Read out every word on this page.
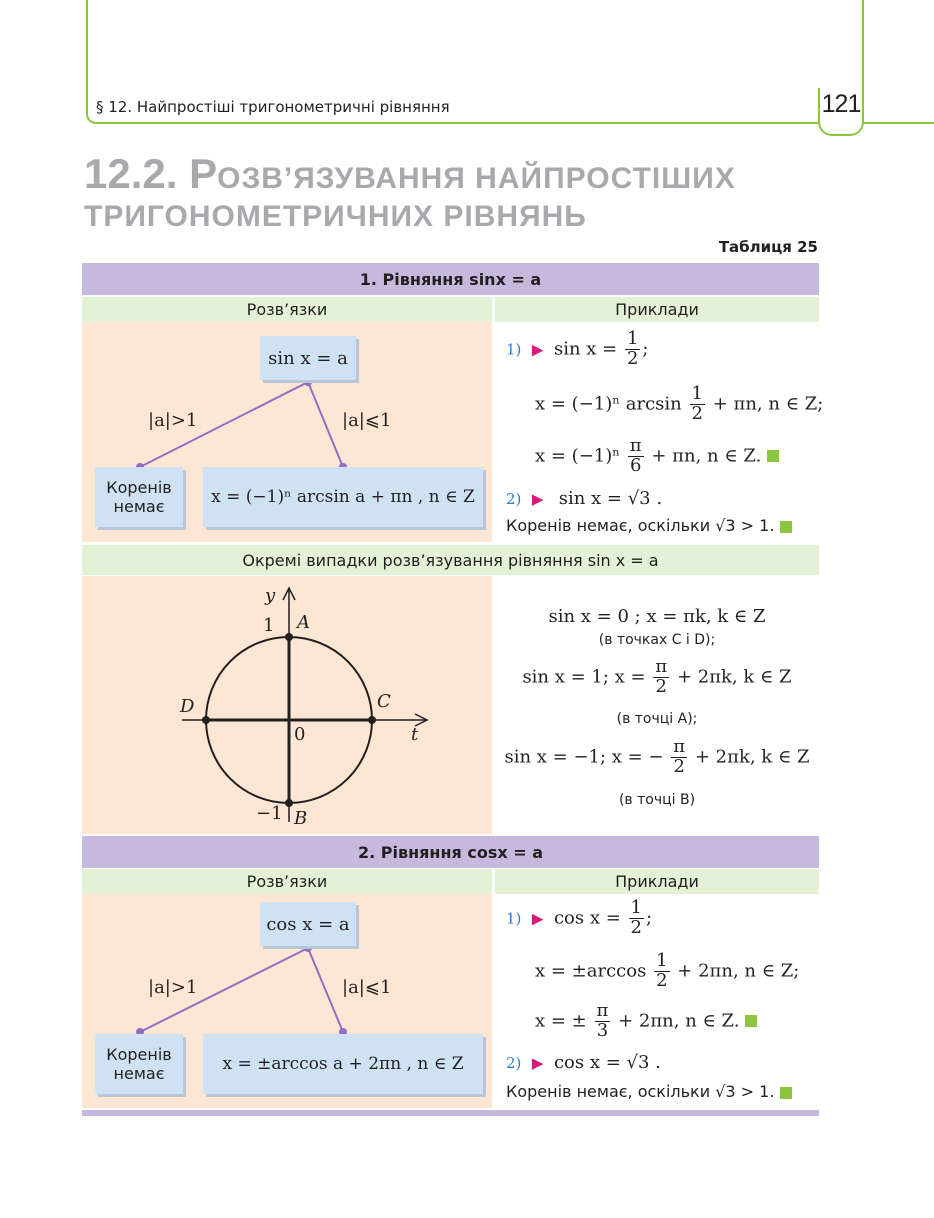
§ 12. Найпростіші тригонометричні рівняння	121
12.2. РОЗВ’ЯЗУВАННЯ НАЙПРОСТІШИХ
ТРИГОНОМЕТРИЧНИХ РІВНЯНЬ
Таблиця 25
1. Рівняння sinx = a
Розв’язки	Приклади
sin x = a
|a|>1	|a|⩽1
Коренів
немає	x = (−1)ⁿ arcsin a + πn , n ∈ Z
1)  ▶  $\sin x = \frac{1}{2}$ ;
x = (−1)ⁿ $\arcsin \frac{1}{2} + \pi n$, n ∈ Z;
$x = (-1)^n \frac{\pi}{6} + \pi n$, n ∈ Z.
2)  ▶   sin x = √3 .
Коренів немає, оскільки √3 > 1.
Окремі випадки розв’язування рівняння sin x = a
y
t
1
−1
0
A
B
C
D
sin x = 0 ; x = πk, k ∈ Z
(в точках C і D);
sin x = 1; $x = \frac{\pi}{2} + 2\pi k$, k ∈ Z
(в точці A);
sin x = −1; x = − $\frac{\pi}{2} + 2\pi k$, k ∈ Z
(в точці B)
2. Рівняння cosx = a
Розв’язки	Приклади
cos x = a
|a|>1	|a|⩽1
Коренів
немає	x = ±arccos a + 2πn , n ∈ Z
1)  ▶  $\cos x = \frac{1}{2}$ ;
$x = \pm\arccos \frac{1}{2} + 2\pi n$, n ∈ Z;
x = ± $\frac{\pi}{3} + 2\pi n$, n ∈ Z.
2)  ▶  cos x = √3 .
Коренів немає, оскільки √3 > 1.
